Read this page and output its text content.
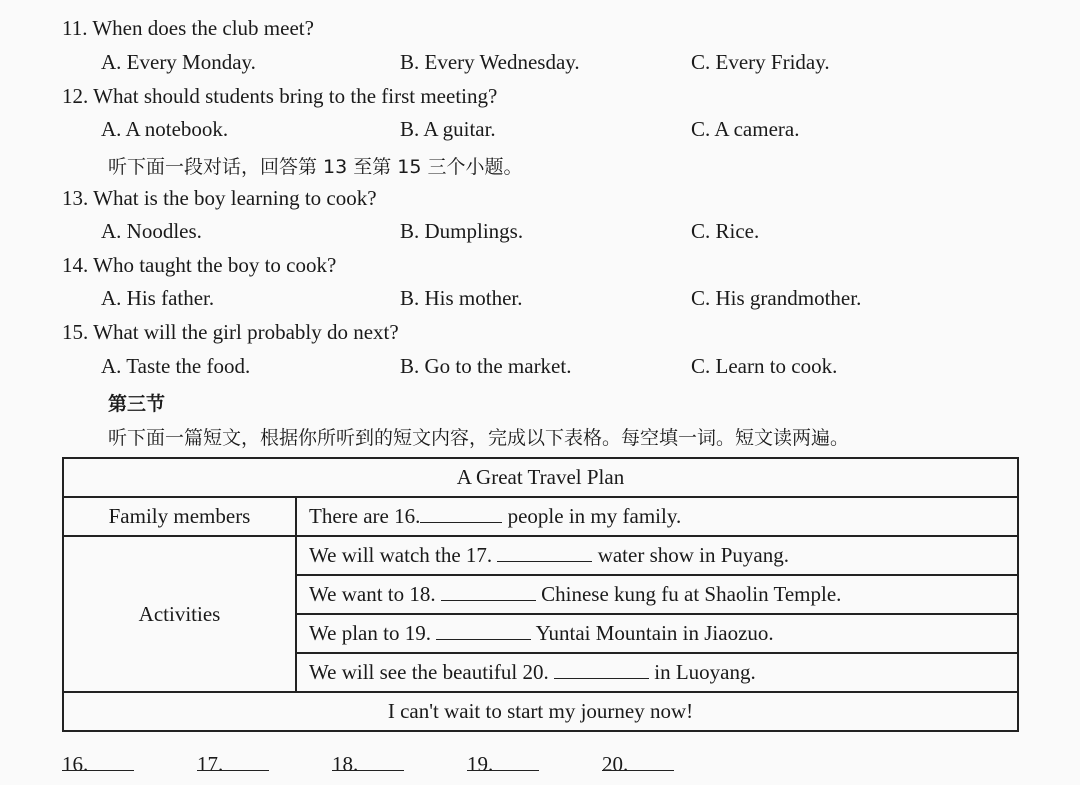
11. When does the club meet?
A. Every Monday.	B. Every Wednesday.	C. Every Friday.
12. What should students bring to the first meeting?
A. A notebook.	B. A guitar.	C. A camera.
听下面一段对话，回答第 13 至第 15 三个小题。
13. What is the boy learning to cook?
A. Noodles.	B. Dumplings.	C. Rice.
14. Who taught the boy to cook?
A. His father.	B. His mother.	C. His grandmother.
15. What will the girl probably do next?
A. Taste the food.	B. Go to the market.	C. Learn to cook.
第三节
听下面一篇短文，根据你所听到的短文内容，完成以下表格。每空填一词。短文读两遍。
A Great Travel Plan	
Family members	There are 16. people in my family.
Activities	We will watch the 17. water show in Puyang.
	We want to 18. Chinese kung fu at Shaolin Temple.
	We plan to 19. Yuntai Mountain in Jiaozuo.
	We will see the beautiful 20. in Luoyang.
I can't wait to start my journey now!	
16.	17.	18.	19.	20.
